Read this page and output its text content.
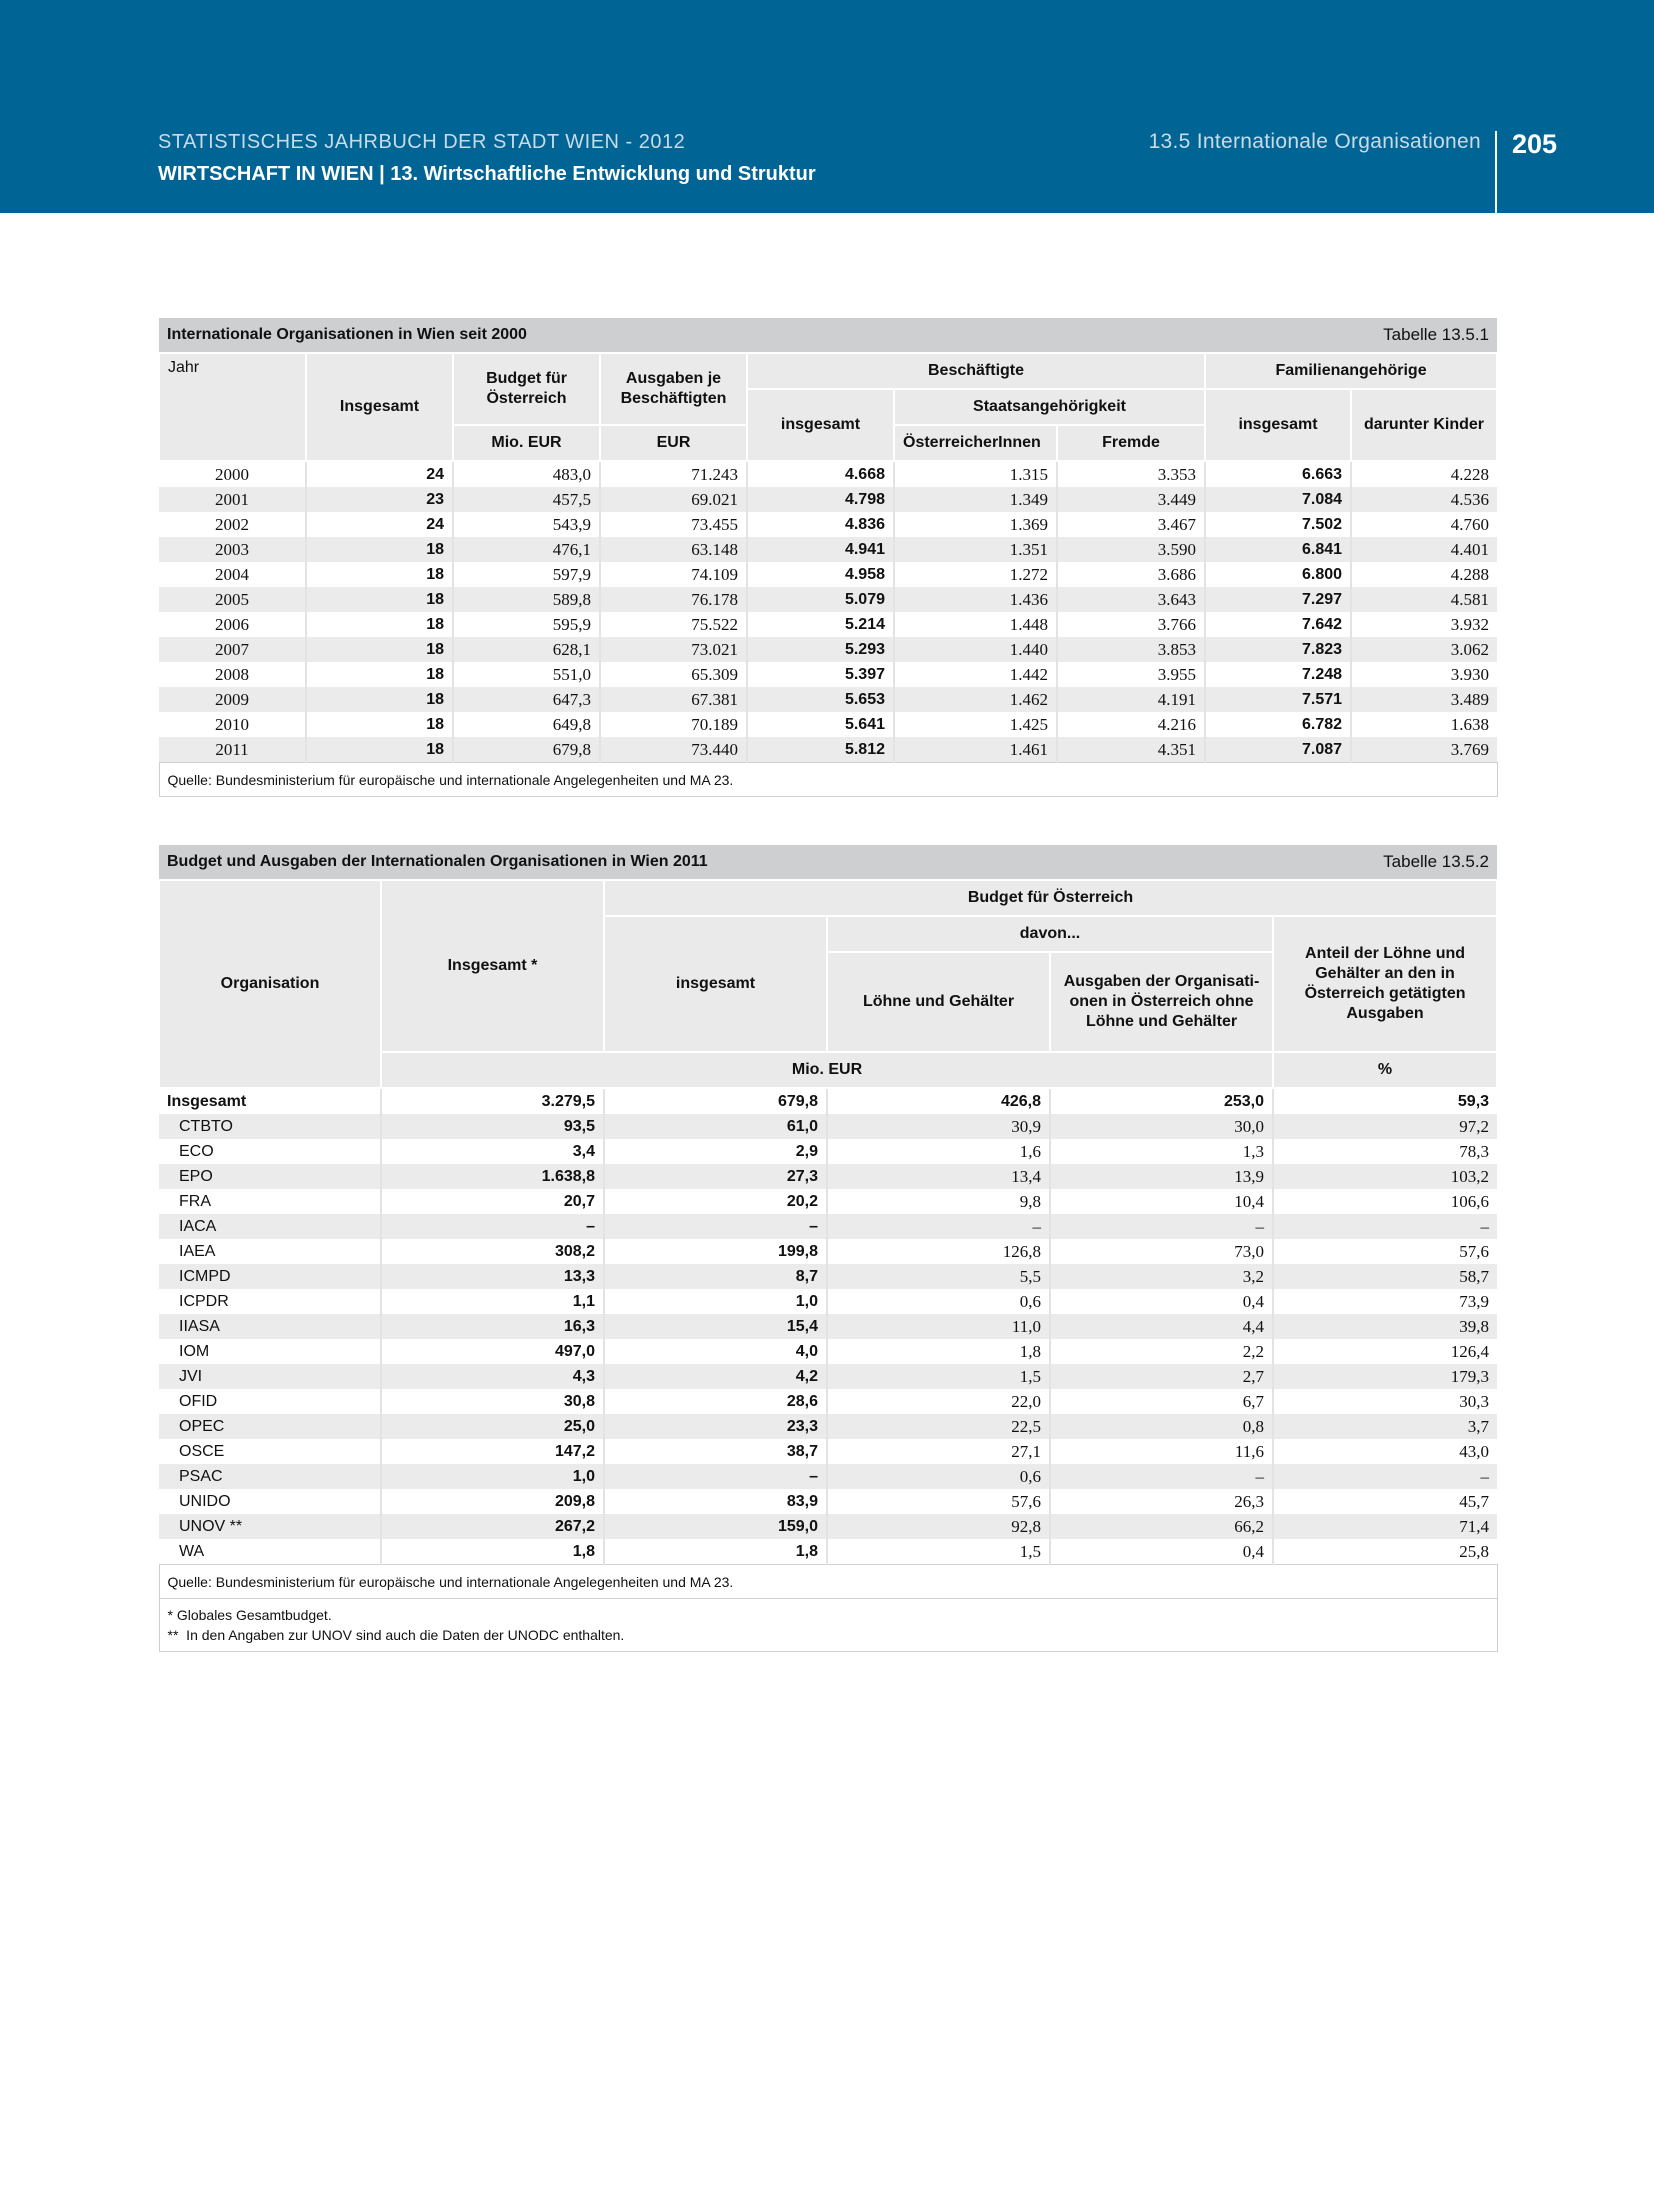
STATISTISCHES JAHRBUCH DER STADT WIEN - 2012
WIRTSCHAFT IN WIEN | 13. Wirtschaftliche Entwicklung und Struktur
13.5 Internationale Organisationen 205
Internationale Organisationen in Wien seit 2000							Tabelle 13.5.1	
Jahr	Insgesamt	Budget für Österreich	Ausgaben je Beschäftigten	Beschäftigte			Familienangehörige	
				insgesamt	Staatsangehörigkeit		insgesamt	darunter Kinder
		Mio. EUR	EUR		ÖsterreicherInnen	Fremde		
2000	24	483,0	71.243	4.668	1.315	3.353	6.663	4.228
2001	23	457,5	69.021	4.798	1.349	3.449	7.084	4.536
2002	24	543,9	73.455	4.836	1.369	3.467	7.502	4.760
2003	18	476,1	63.148	4.941	1.351	3.590	6.841	4.401
2004	18	597,9	74.109	4.958	1.272	3.686	6.800	4.288
2005	18	589,8	76.178	5.079	1.436	3.643	7.297	4.581
2006	18	595,9	75.522	5.214	1.448	3.766	7.642	3.932
2007	18	628,1	73.021	5.293	1.440	3.853	7.823	3.062
2008	18	551,0	65.309	5.397	1.442	3.955	7.248	3.930
2009	18	647,3	67.381	5.653	1.462	4.191	7.571	3.489
2010	18	649,8	70.189	5.641	1.425	4.216	6.782	1.638
2011	18	679,8	73.440	5.812	1.461	4.351	7.087	3.769
Quelle: Bundesministerium für europäische und internationale Angelegenheiten und MA 23.								
Budget und Ausgaben der Internationalen Organisationen in Wien 2011					Tabelle 13.5.2
Organisation	Insgesamt *	Budget für Österreich			
		insgesamt	davon...		Anteil der Löhne und Gehälter an den in Österreich getätigten Ausgaben
			Löhne und Gehälter	Ausgaben der Organisati- onen in Österreich ohne Löhne und Gehälter	
	Mio. EUR				%
Insgesamt	3.279,5	679,8	426,8	253,0	59,3
CTBTO	93,5	61,0	30,9	30,0	97,2
ECO	3,4	2,9	1,6	1,3	78,3
EPO	1.638,8	27,3	13,4	13,9	103,2
FRA	20,7	20,2	9,8	10,4	106,6
IACA	–	–	–	–	–
IAEA	308,2	199,8	126,8	73,0	57,6
ICMPD	13,3	8,7	5,5	3,2	58,7
ICPDR	1,1	1,0	0,6	0,4	73,9
IIASA	16,3	15,4	11,0	4,4	39,8
IOM	497,0	4,0	1,8	2,2	126,4
JVI	4,3	4,2	1,5	2,7	179,3
OFID	30,8	28,6	22,0	6,7	30,3
OPEC	25,0	23,3	22,5	0,8	3,7
OSCE	147,2	38,7	27,1	11,6	43,0
PSAC	1,0	–	0,6	–	–
UNIDO	209,8	83,9	57,6	26,3	45,7
UNOV **	267,2	159,0	92,8	66,2	71,4
WA	1,8	1,8	1,5	0,4	25,8
Quelle: Bundesministerium für europäische und internationale Angelegenheiten und MA 23.					

* Globales Gesamtbudget.
**  In den Angaben zur UNOV sind auch die Daten der UNODC enthalten.					
